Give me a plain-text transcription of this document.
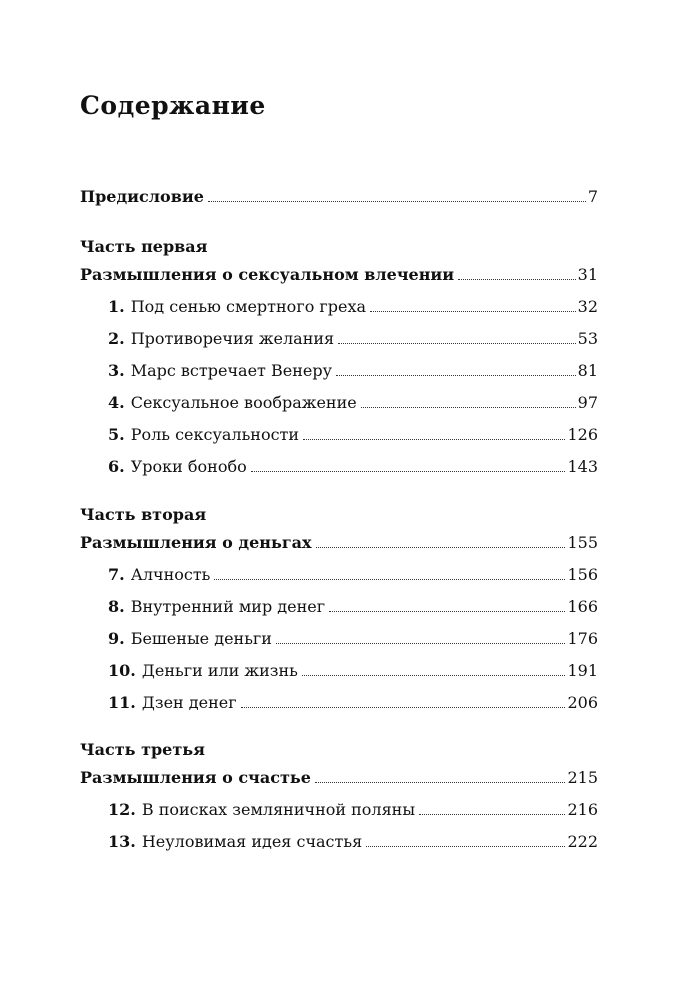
Содержание
Предисловие	7
Часть первая
Размышления о сексуальном влечении	31
1. Под сенью смертного греха	32
2. Противоречия желания	53
3. Марс встречает Венеру	81
4. Сексуальное воображение	97
5. Роль сексуальности	126
6. Уроки бонобо	143
Часть вторая
Размышления о деньгах	155
7. Алчность	156
8. Внутренний мир денег	166
9. Бешеные деньги	176
10. Деньги или жизнь	191
11. Дзен денег	206
Часть третья
Размышления о счастье	215
12. В поисках земляничной поляны	216
13. Неуловимая идея счастья	222
